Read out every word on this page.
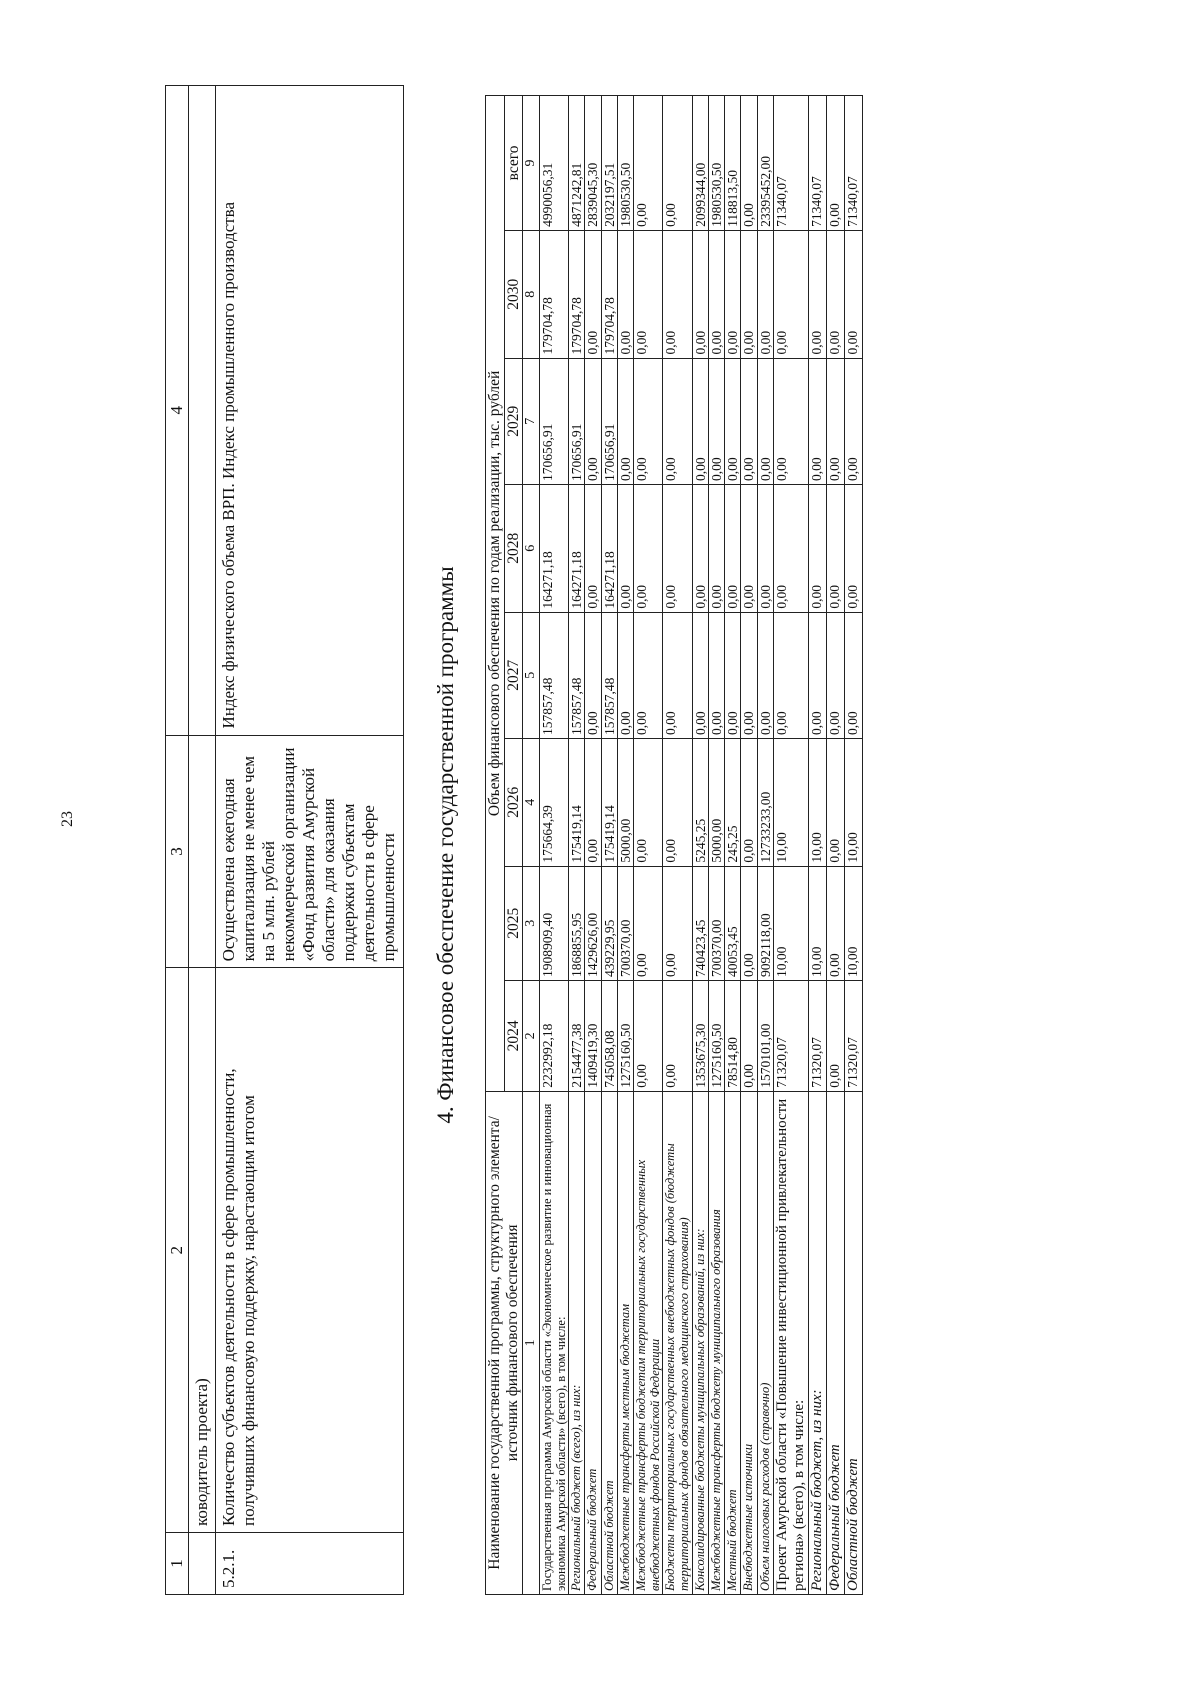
23
1	2	3	4
	ководитель проекта)		
5.2.1.	Количество субъектов деятельности в сфере промышленности, получивших финансовую поддержку, нарастающим итогом	Осуществлена ежегодная капитализация не менее чем на 5 млн. рублей некоммерческой организации «Фонд развития Амурской области» для оказания поддержки субъектам деятельности в сфере промышленности	Индекс физического объема ВРП. Индекс промышленного производства
4. Финансовое обеспечение государственной программы
Наименование государственной программы, структурного элемента/источник финансового обеспечения	Объем финансового обеспечения по годам реализации, тыс. рублей							
	2024	2025	2026	2027	2028	2029	2030	всего
1	2	3	4	5	6	7	8	9
Государственная программа Амурской области «Экономическое развитие и инновационная экономика Амурской области» (всего), в том числе:	2232992,18	1908909,40	175664,39	157857,48	164271,18	170656,91	179704,78	4990056,31
Региональный бюджет (всего), из них:	2154477,38	1868855,95	175419,14	157857,48	164271,18	170656,91	179704,78	4871242,81
Федеральный бюджет	1409419,30	1429626,00	0,00	0,00	0,00	0,00	0,00	2839045,30
Областной бюджет	745058,08	439229,95	175419,14	157857,48	164271,18	170656,91	179704,78	2032197,51
Межбюджетные трансферты местным бюджетам	1275160,50	700370,00	5000,00	0,00	0,00	0,00	0,00	1980530,50
Межбюджетные трансферты бюджетам территориальных государственных внебюджетных фондов Российской Федерации	0,00	0,00	0,00	0,00	0,00	0,00	0,00	0,00
Бюджеты территориальных государственных внебюджетных фондов (бюджеты территориальных фондов обязательного медицинского страхования)	0,00	0,00	0,00	0,00	0,00	0,00	0,00	0,00
Консолидированные бюджеты муниципальных образований, из них:	1353675,30	740423,45	5245,25	0,00	0,00	0,00	0,00	2099344,00
Межбюджетные трансферты бюджету муниципального образования	1275160,50	700370,00	5000,00	0,00	0,00	0,00	0,00	1980530,50
Местный бюджет	78514,80	40053,45	245,25	0,00	0,00	0,00	0,00	118813,50
Внебюджетные источники	0,00	0,00	0,00	0,00	0,00	0,00	0,00	0,00
Объем налоговых расходов (справочно)	1570101,00	9092118,00	12733233,00	0,00	0,00	0,00	0,00	23395452,00
Проект Амурской области «Повышение инвестиционной привлекательности региона» (всего), в том числе:	71320,07	10,00	10,00	0,00	0,00	0,00	0,00	71340,07
Региональный бюджет, из них:	71320,07	10,00	10,00	0,00	0,00	0,00	0,00	71340,07
Федеральный бюджет	0,00	0,00	0,00	0,00	0,00	0,00	0,00	0,00
Областной бюджет	71320,07	10,00	10,00	0,00	0,00	0,00	0,00	71340,07
